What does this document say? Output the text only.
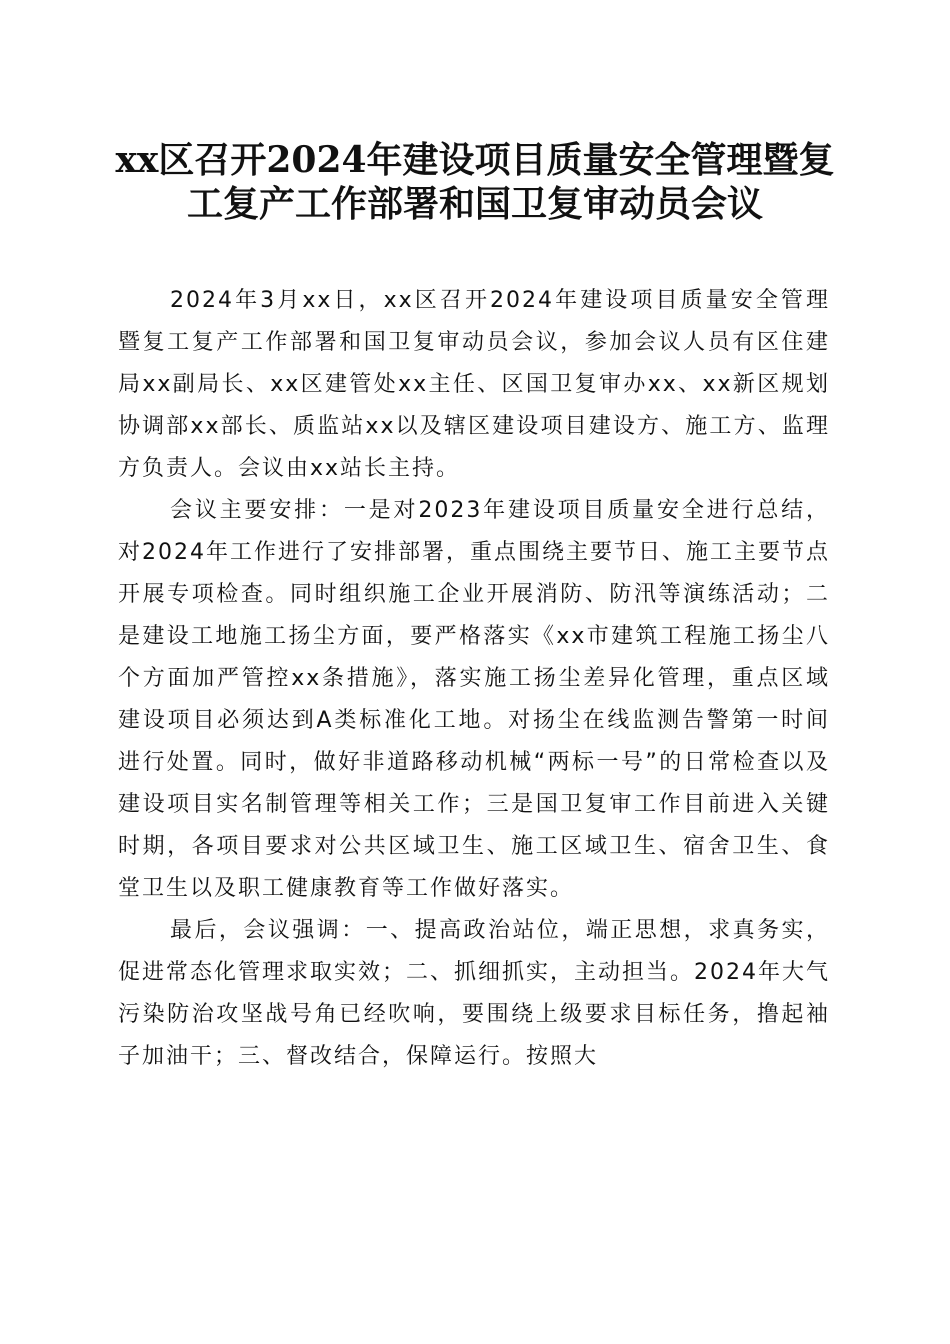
xx区召开2024年建设项目质量安全管理暨复
工复产工作部署和国卫复审动员会议

2024年3月xx日，xx区召开2024年建设项目质量安全管理暨复工复产工作部署和国卫复审动员会议，参加会议人员有区住建局xx副局长、xx区建管处xx主任、区国卫复审办xx、xx新区规划协调部xx部长、质监站xx以及辖区建设项目建设方、施工方、监理方负责人。会议由xx站长主持。

会议主要安排：一是对2023年建设项目质量安全进行总结，对2024年工作进行了安排部署，重点围绕主要节日、施工主要节点开展专项检查。同时组织施工企业开展消防、防汛等演练活动；二是建设工地施工扬尘方面，要严格落实《xx市建筑工程施工扬尘八个方面加严管控xx条措施》，落实施工扬尘差异化管理，重点区域建设项目必须达到A类标准化工地。对扬尘在线监测告警第一时间进行处置。同时，做好非道路移动机械“两标一号”的日常检查以及建设项目实名制管理等相关工作；三是国卫复审工作目前进入关键时期，各项目要求对公共区域卫生、施工区域卫生、宿舍卫生、食堂卫生以及职工健康教育等工作做好落实。

最后，会议强调：一、提高政治站位，端正思想，求真务实，促进常态化管理求取实效；二、抓细抓实，主动担当。2024年大气污染防治攻坚战号角已经吹响，要围绕上级要求目标任务，撸起袖子加油干；三、督改结合，保障运行。按照大
